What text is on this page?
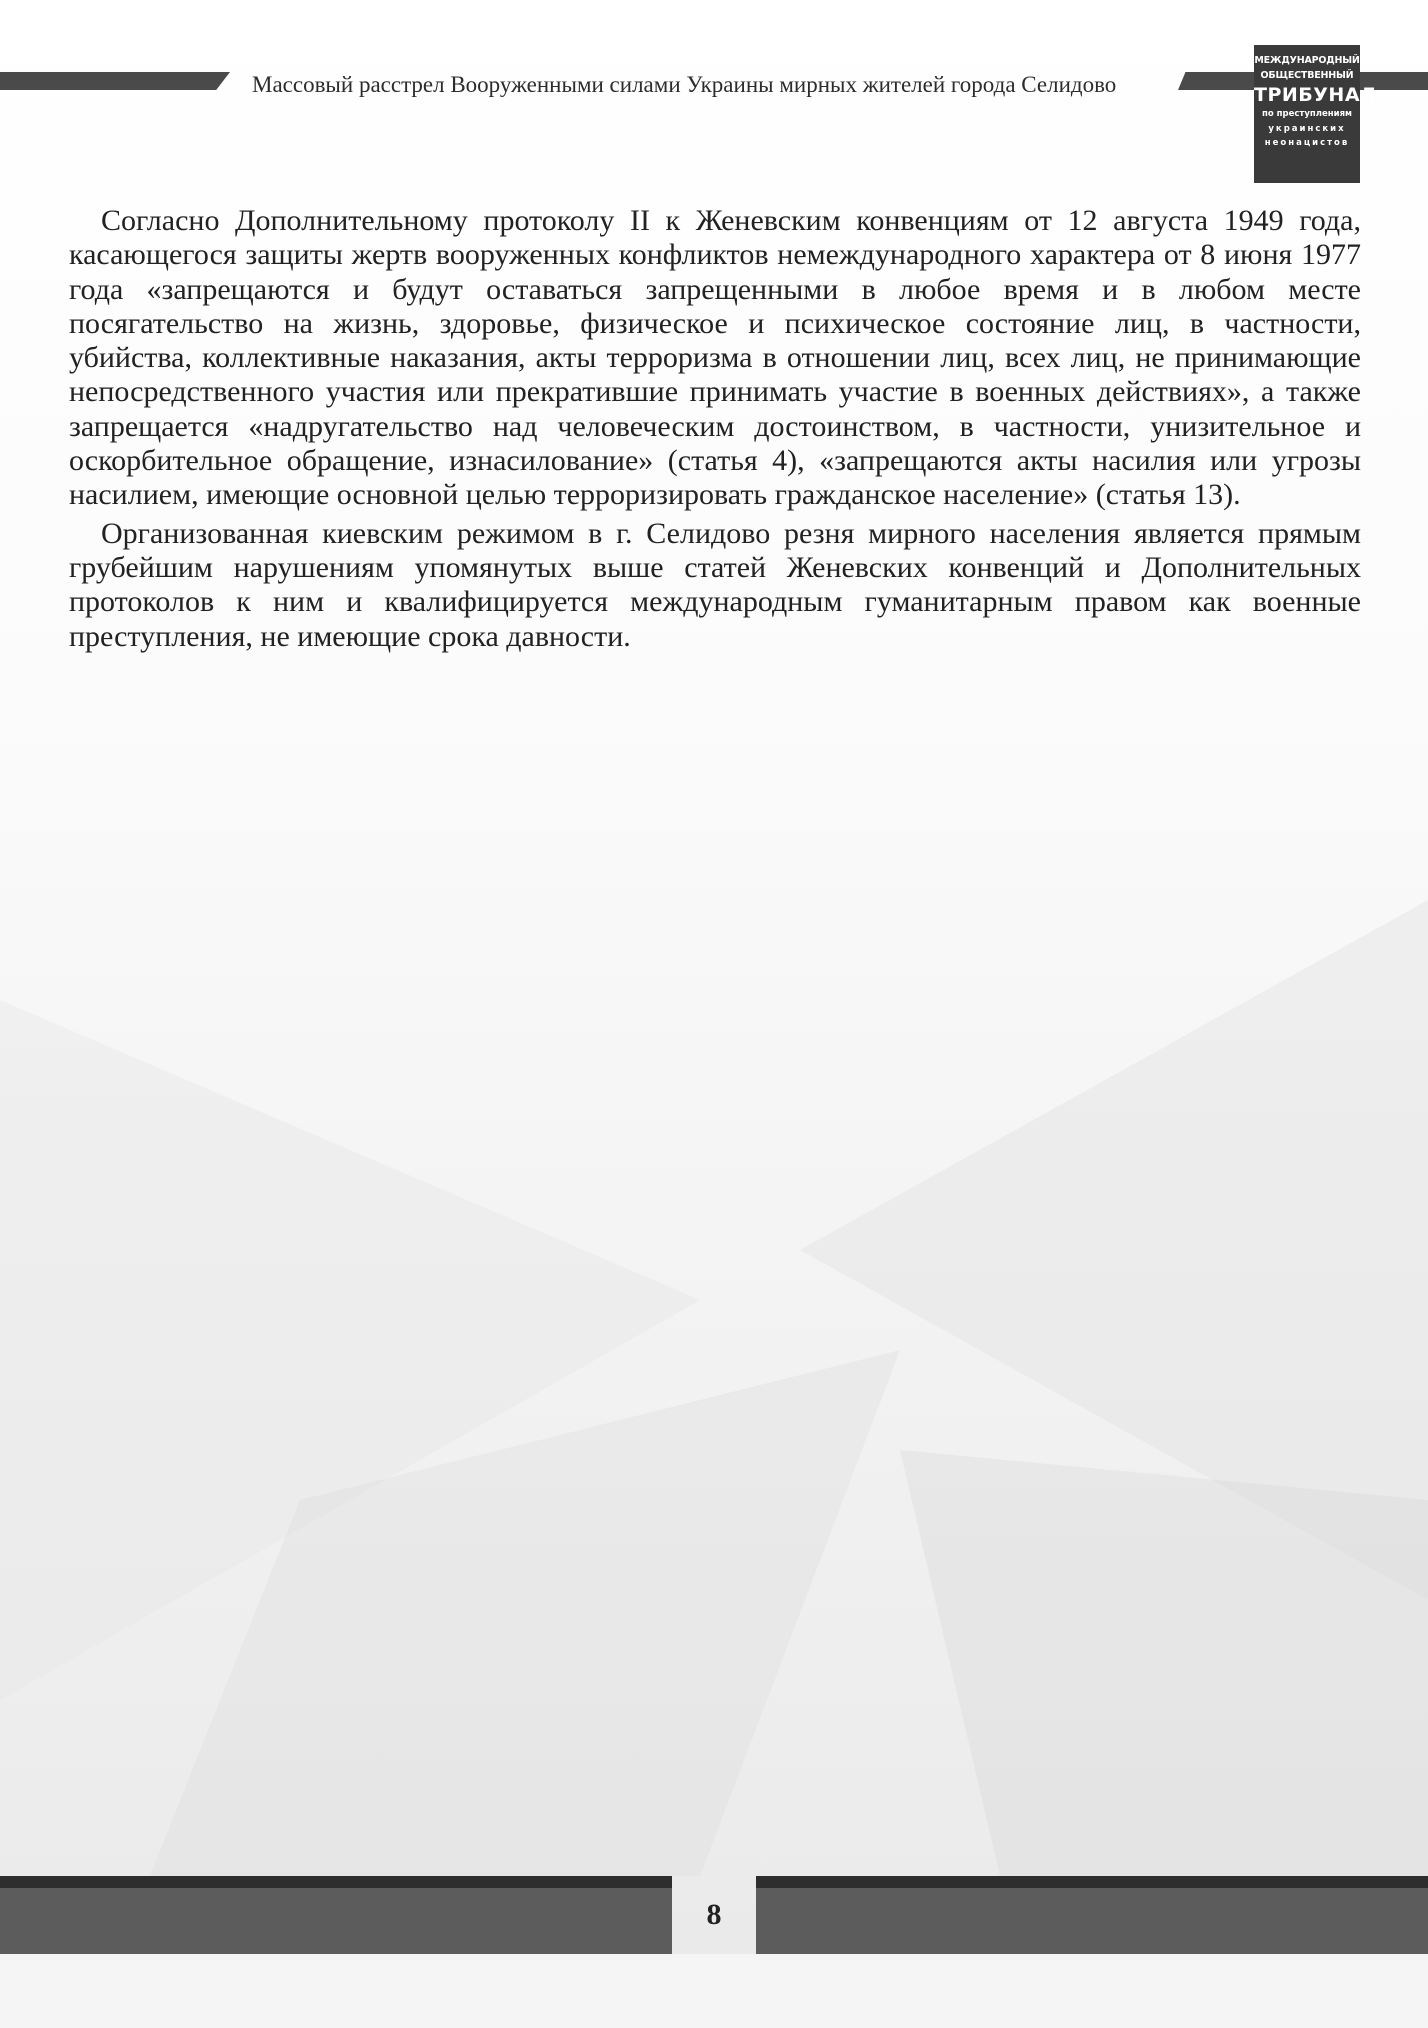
Массовый расстрел Вооруженными силами Украины мирных жителей города Селидово
МЕЖДУНАРОДНЫЙ
ОБЩЕСТВЕННЫЙ
ТРИБУНАЛ
по преступлениям
украинских
неонацистов

Согласно Дополнительному протоколу II к Женевским конвенциям от 12 августа 1949 года, касающегося защиты жертв вооруженных конфликтов немеждународного характера от 8 июня 1977 года «запрещаются и будут оставаться запрещенными в любое время и в любом месте посягательство на жизнь, здоровье, физическое и психическое состояние лиц, в частности, убийства, коллективные наказания, акты терроризма в отношении лиц, всех лиц, не принимающие непосредственного участия или прекратившие принимать участие в военных действиях», а также запрещается «надругательство над человеческим достоинством, в частности, унизительное и оскорбительное обращение, изнасилование» (статья 4), «запрещаются акты насилия или угрозы насилием, имеющие основной целью терроризировать гражданское население» (статья 13).

Организованная киевским режимом в г. Селидово резня мирного населения является прямым грубейшим нарушениям упомянутых выше статей Женевских конвенций и Дополнительных протоколов к ним и квалифицируется международным гуманитарным правом как военные преступления, не имеющие срока давности.

8
